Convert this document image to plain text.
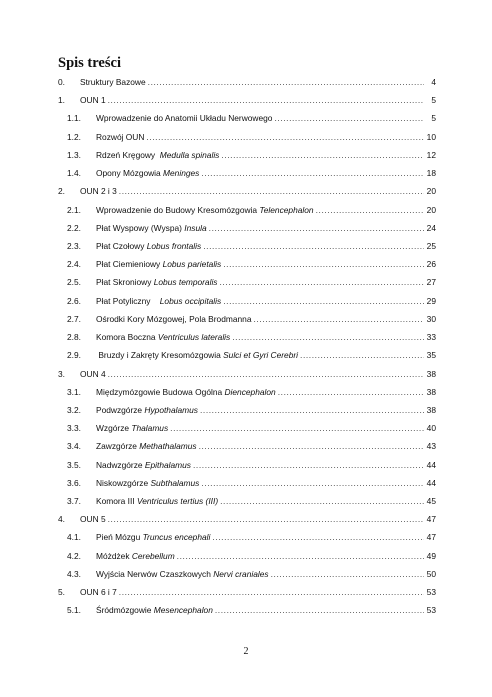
Spis treści
0.	Struktury Bazowe .....	4
1.	OUN 1 .....	5
1.1.	Wprowadzenie do Anatomii Układu Nerwowego .....	5
1.2.	Rozwój OUN .....	10
1.3.	Rdzeń Kręgowy  Medulla spinalis .....	12
1.4.	Opony Mózgowia Meninges .....	18
2.	OUN 2 i 3 .....	20
2.1.	Wprowadzenie do Budowy Kresomózgowia Telencephalon .....	20
2.2.	Płat Wyspowy (Wyspa) Insula .....	24
2.3.	Płat Czołowy Lobus frontalis .....	25
2.4.	Płat Ciemieniowy Lobus parietalis .....	26
2.5.	Płat Skroniowy Lobus temporalis .....	27
2.6.	Płat Potyliczny    Lobus occipitalis .....	29
2.7.	Ośrodki Kory Mózgowej, Pola Brodmanna .....	30
2.8.	Komora Boczna Ventriculus lateralis .....	33
2.9.	Bruzdy i Zakręty Kresomózgowia Sulci et Gyri Cerebri .....	35
3.	OUN 4 .....	38
3.1.	Międzymózgowie Budowa Ogólna Diencephalon .....	38
3.2.	Podwzgórze Hypothalamus .....	38
3.3.	Wzgórze Thalamus .....	40
3.4.	Zawzgórze Methathalamus .....	43
3.5.	Nadwzgórze Epithalamus .....	44
3.6.	Niskowzgórze Subthalamus .....	44
3.7.	Komora III Ventriculus tertius (III) .....	45
4.	OUN 5 .....	47
4.1.	Pień Mózgu Truncus encephali .....	47
4.2.	Móżdżek Cerebellum .....	49
4.3.	Wyjścia Nerwów Czaszkowych Nervi craniales .....	50
5.	OUN 6 i 7 .....	53
5.1.	Śródmózgowie Mesencephalon .....	53
2
